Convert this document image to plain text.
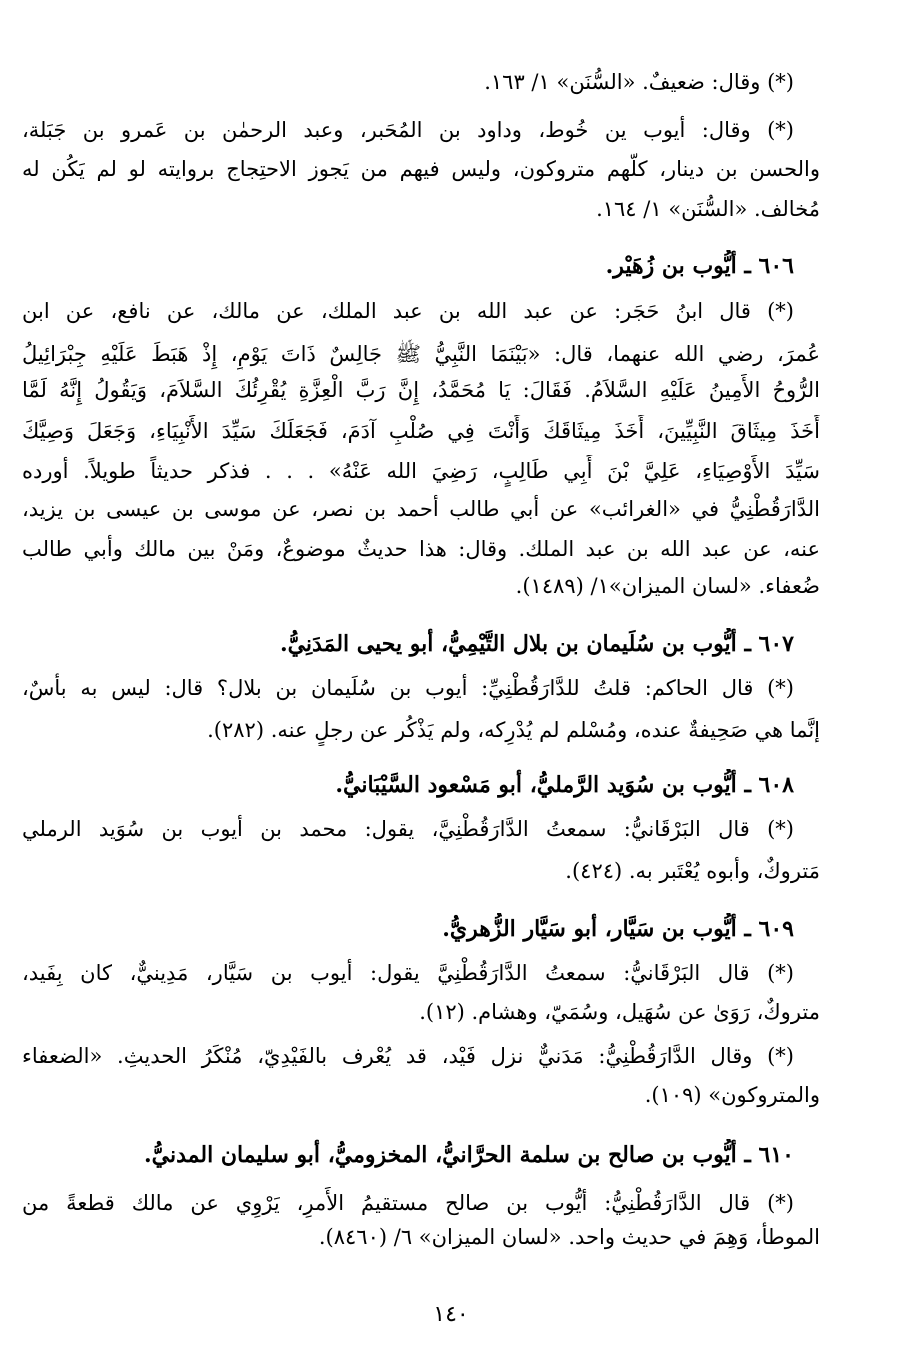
(*) وقال: ضعيفٌ. «السُّنَن» ١/ ١٦٣.
(*) وقال: أيوب ين خُوط، وداود بن المُحَبر، وعبد الرحمٰن بن عَمرو بن جَبَلة،
والحسن بن دينار، كلُّهم متروكون، وليس فيهم من يَجوز الاحتِجاج بروايته لو لم يَكُن له
مُخالف. «السُّنَن» ١/ ١٦٤.
٦٠٦ ـ أيُّوب بن زُهَيْر.
(*) قال ابنُ حَجَر: عن عبد الله بن عبد الملك، عن مالك، عن نافع، عن ابن
عُمرَ، رضي الله عنهما، قال: «بَيْنَمَا النَّبِيُّ ﷺ جَالِسٌ ذَاتَ يَوْمٍ، إِذْ هَبَطَ عَلَيْهِ جِبْرَائِيلُ
الرُّوحُ الأَمِينُ عَلَيْهِ السَّلاَمُ. فَقَالَ: يَا مُحَمَّدُ، إِنَّ رَبَّ الْعِزَّةِ يُقْرِئُكَ السَّلاَمَ، وَيَقُولُ إِنَّهُ لَمَّا
أَخَذَ مِيثَاقَ النَّبِيِّينَ، أَخَذَ مِيثَاقَكَ وَأَنْتَ فِي صُلْبِ آدَمَ، فَجَعَلَكَ سَيِّدَ الأَنْبِيَاءِ، وَجَعَلَ وَصِيَّكَ
سَيِّدَ الأَوْصِيَاءِ، عَلِيَّ بْنَ أَبِي طَالِبٍ، رَضِيَ الله عَنْهُ» . . . فذكر حديثاً طويلاً. أورده
الدَّارَقُطْنِيُّ في «الغرائب» عن أبي طالب أحمد بن نصر، عن موسى بن عيسى بن يزيد،
عنه، عن عبد الله بن عبد الملك. وقال: هذا حديثٌ موضوعٌ، ومَنْ بين مالك وأبي طالب
ضُعفاء. «لسان الميزان»١/ (١٤٨٩).
٦٠٧ ـ أيُّوب بن سُلَيمان بن بلال التَّيْمِيُّ، أبو يحيى المَدَنِيُّ.
(*) قال الحاكم: قلتُ للدَّارَقُطْنِيِّ: أيوب بن سُلَيمان بن بلال؟ قال: ليس به بأْسٌ،
إنَّما هي صَحِيفةٌ عنده، ومُسْلم لم يُدْرِكه، ولم يَذْكُر عن رجلٍ عنه. (٢٨٢).
٦٠٨ ـ أيُّوب بن سُوَيد الرَّمليُّ، أبو مَسْعود السَّيْبَانيُّ.
(*) قال البَرْقَانيُّ: سمعتُ الدَّارَقُطْنِيَّ، يقول: محمد بن أيوب بن سُوَيد الرملي
مَتروكٌ، وأبوه يُعْتَبر به. (٤٢٤).
٦٠٩ ـ أيُّوب بن سَيَّار، أبو سَيَّار الزُّهريُّ.
(*) قال البَرْقَانيُّ: سمعتُ الدَّارَقُطْنِيَّ يقول: أيوب بن سَيَّار، مَدِينيٌّ، كان بِفَيد،
متروكٌ، رَوَىٰ عن سُهَيل، وسُمَيّ، وهشام. (١٢).
(*) وقال الدَّارَقُطْنِيُّ: مَدَنيٌّ نزل فَيْد، قد يُعْرف بالفَيْدِيّ، مُنْكَرُ الحديثِ. «الضعفاء
والمتروكون» (١٠٩).
٦١٠ ـ أيُّوب بن صالح بن سلمة الحرَّانيُّ، المخزوميُّ، أبو سليمان المدنيُّ.
(*) قال الدَّارَقُطْنِيُّ: أيُّوب بن صالح مستقيمُ الأَمرِ، يَرْوِي عن مالك قطعةً من
الموطأ، وَهِمَ في حديث واحد. «لسان الميزان» ٦/ (٨٤٦٠).
١٤٠
